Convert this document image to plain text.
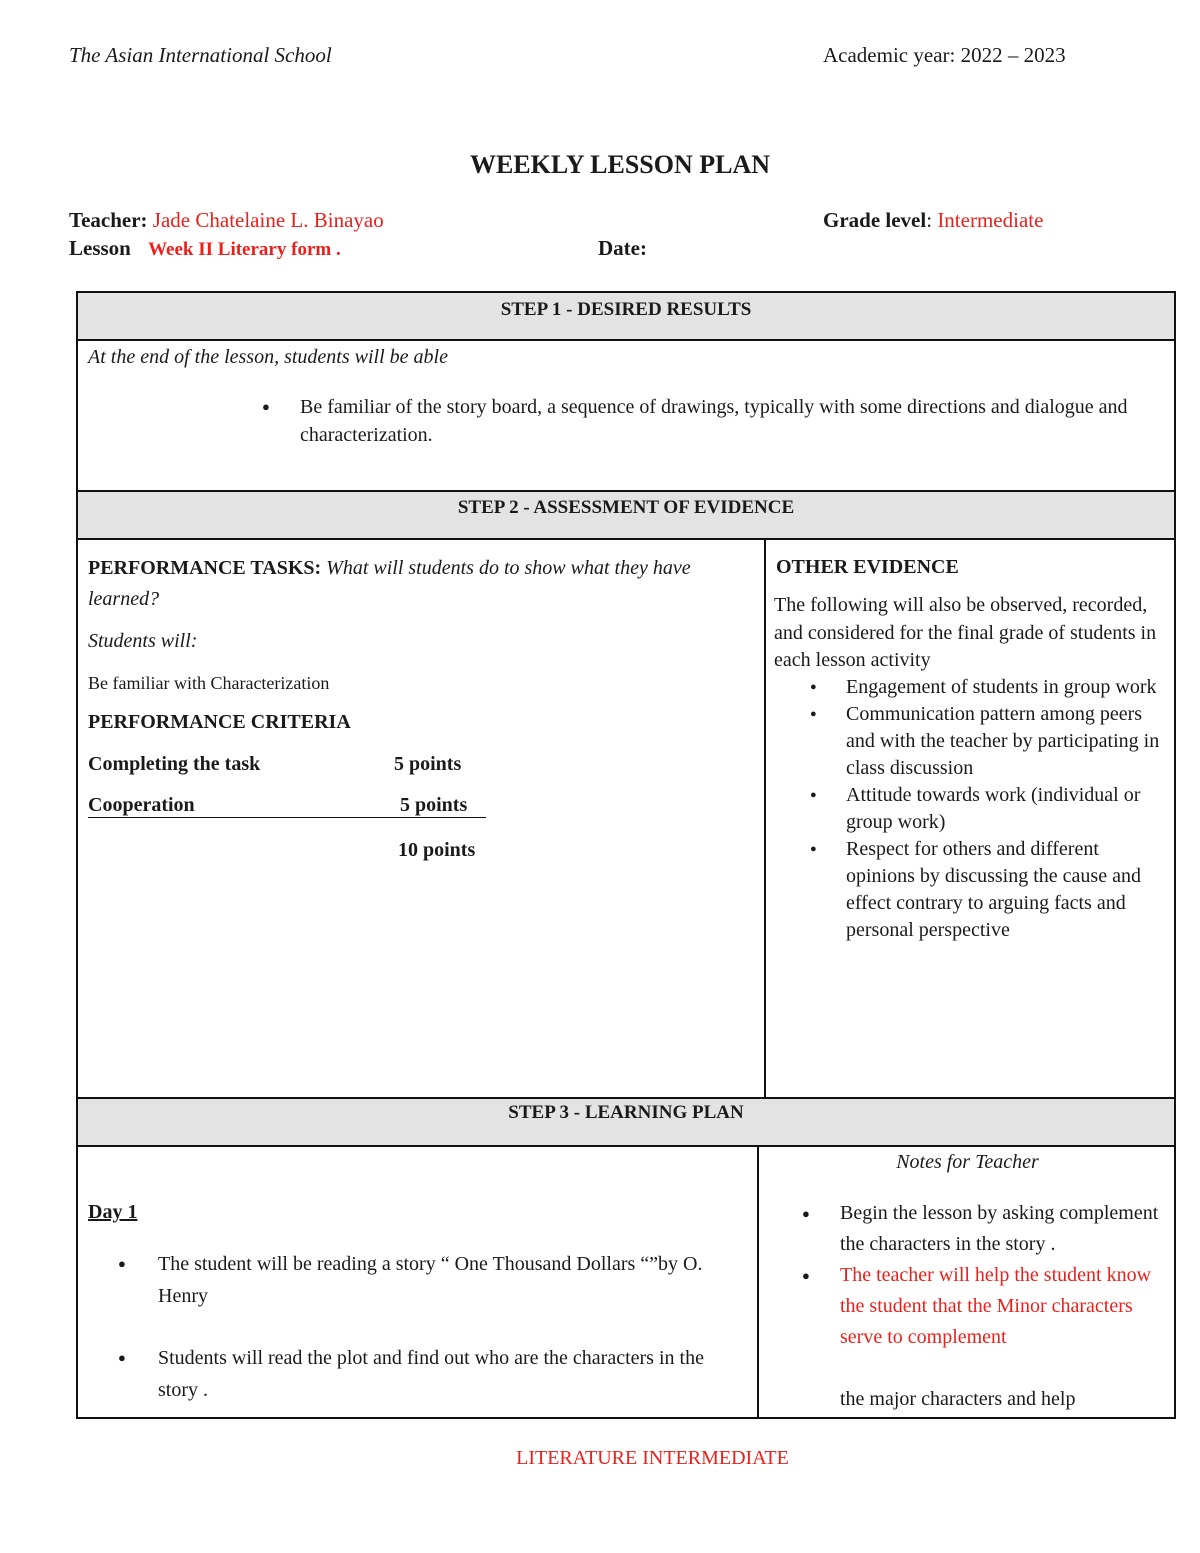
The Asian International School	Academic year: 2022 – 2023
WEEKLY LESSON PLAN
Teacher: Jade Chatelaine L. Binayao	Grade level: Intermediate
Lesson Week II Literary form .	Date:
STEP 1 - DESIRED RESULTS
At the end of the lesson, students will be able
● Be familiar of the story board, a sequence of drawings, typically with some directions and dialogue and characterization.
STEP 2 - ASSESSMENT OF EVIDENCE
PERFORMANCE TASKS: What will students do to show what they have learned?
Students will:
Be familiar with Characterization
PERFORMANCE CRITERIA
Completing the task	5 points
Cooperation	5 points
10 points
OTHER EVIDENCE
The following will also be observed, recorded, and considered for the final grade of students in each lesson activity
● Engagement of students in group work
● Communication pattern among peers and with the teacher by participating in class discussion
● Attitude towards work (individual or group work)
● Respect for others and different opinions by discussing the cause and effect contrary to arguing facts and personal perspective
STEP 3 - LEARNING PLAN
Day 1
● The student will be reading a story “ One Thousand Dollars “”by O. Henry
● Students will read the plot and find out who are the characters in the story .
Notes for Teacher
● Begin the lesson by asking complement the characters in the story .
● The teacher will help the student know the student that the Minor characters serve to complement
the major characters and help
LITERATURE INTERMEDIATE
